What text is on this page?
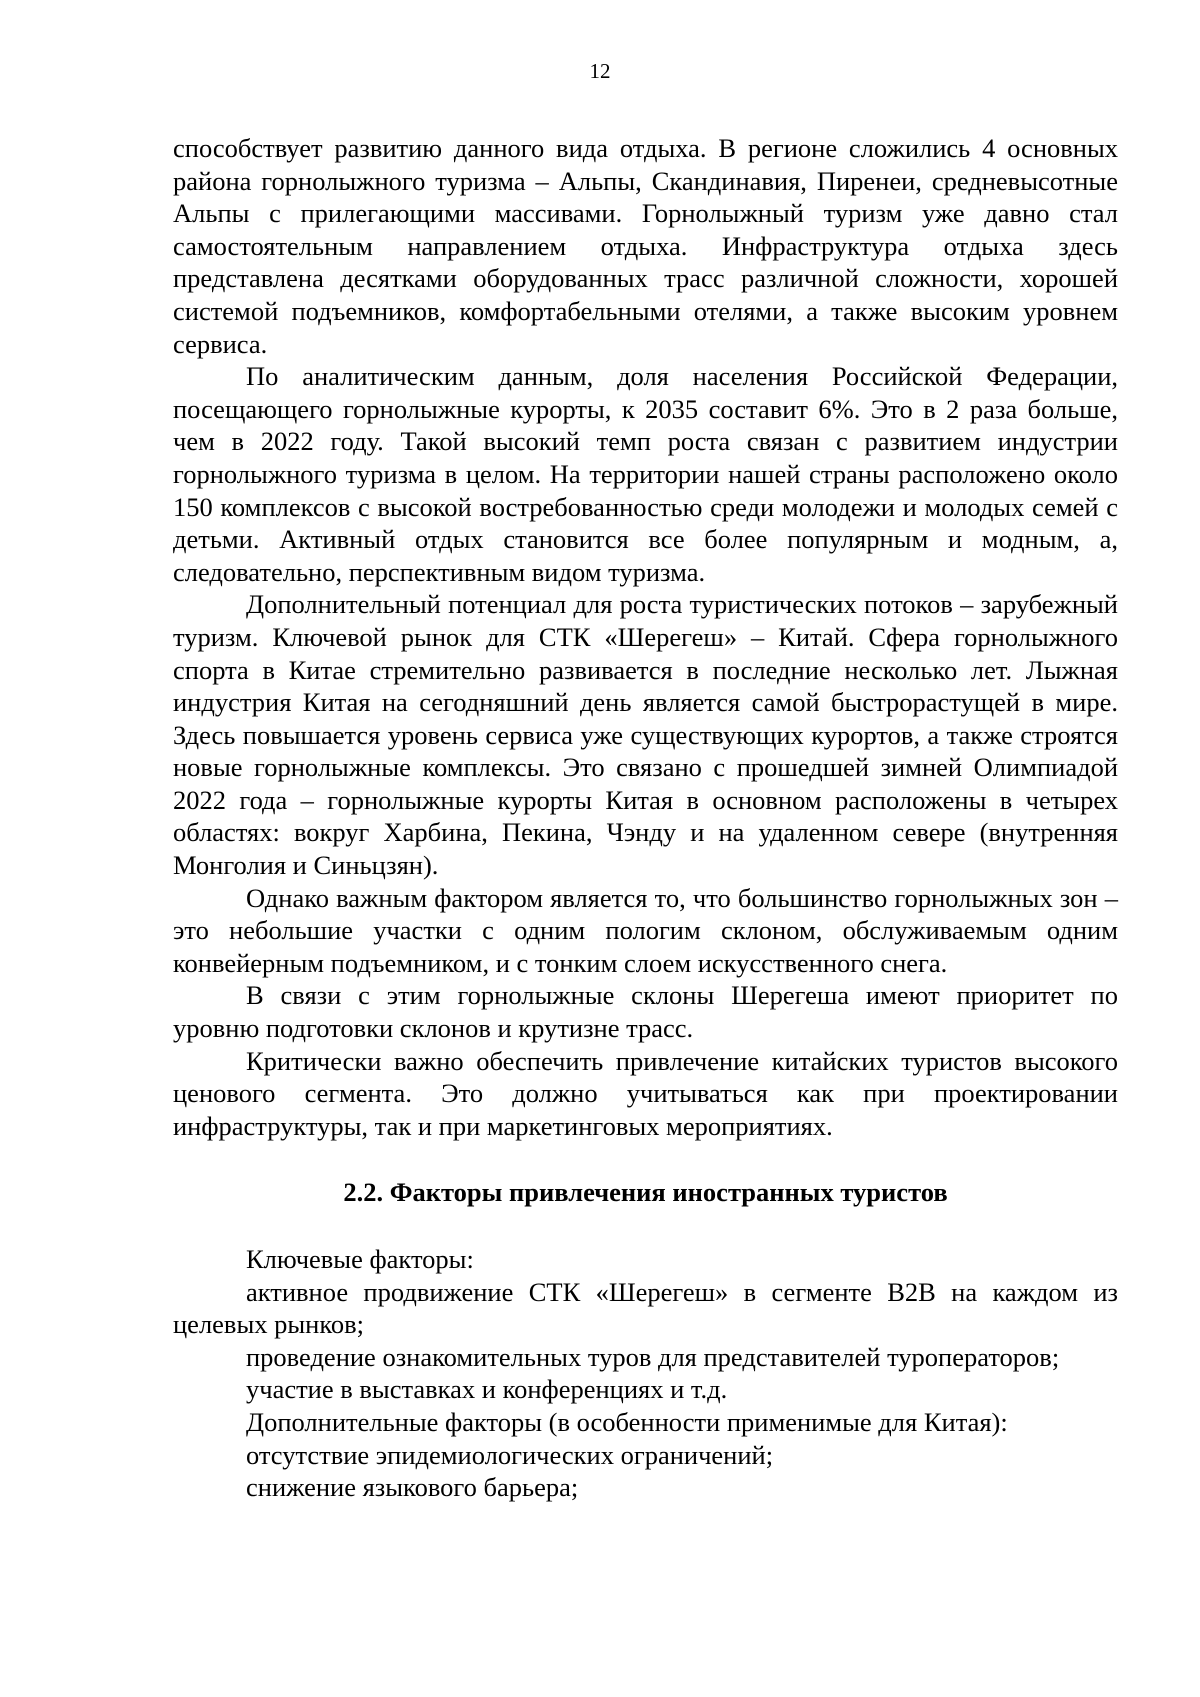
12

способствует развитию данного вида отдыха. В регионе сложились 4 основных района горнолыжного туризма – Альпы, Скандинавия, Пиренеи, средневысотные Альпы с прилегающими массивами. Горнолыжный туризм уже давно стал самостоятельным направлением отдыха. Инфраструктура отдыха здесь представлена десятками оборудованных трасс различной сложности, хорошей системой подъемников, комфортабельными отелями, а также высоким уровнем сервиса.

По аналитическим данным, доля населения Российской Федерации, посещающего горнолыжные курорты, к 2035 составит 6%. Это в 2 раза больше, чем в 2022 году. Такой высокий темп роста связан с развитием индустрии горнолыжного туризма в целом. На территории нашей страны расположено около 150 комплексов с высокой востребованностью среди молодежи и молодых семей с детьми. Активный отдых становится все более популярным и модным, а, следовательно, перспективным видом туризма.

Дополнительный потенциал для роста туристических потоков – зарубежный туризм. Ключевой рынок для СТК «Шерегеш» – Китай. Сфера горнолыжного спорта в Китае стремительно развивается в последние несколько лет. Лыжная индустрия Китая на сегодняшний день является самой быстрорастущей в мире. Здесь повышается уровень сервиса уже существующих курортов, а также строятся новые горнолыжные комплексы. Это связано с прошедшей зимней Олимпиадой 2022 года – горнолыжные курорты Китая в основном расположены в четырех областях: вокруг Харбина, Пекина, Чэнду и на удаленном севере (внутренняя Монголия и Синьцзян).

Однако важным фактором является то, что большинство горнолыжных зон – это небольшие участки с одним пологим склоном, обслуживаемым одним конвейерным подъемником, и с тонким слоем искусственного снега.

В связи с этим горнолыжные склоны Шерегеша имеют приоритет по уровню подготовки склонов и крутизне трасс.

Критически важно обеспечить привлечение китайских туристов высокого ценового сегмента. Это должно учитываться как при проектировании инфраструктуры, так и при маркетинговых мероприятиях.

2.2. Факторы привлечения иностранных туристов

Ключевые факторы:

активное продвижение СТК «Шерегеш» в сегменте B2B на каждом из целевых рынков;

проведение ознакомительных туров для представителей туроператоров;

участие в выставках и конференциях и т.д.

Дополнительные факторы (в особенности применимые для Китая):

отсутствие эпидемиологических ограничений;

снижение языкового барьера;
